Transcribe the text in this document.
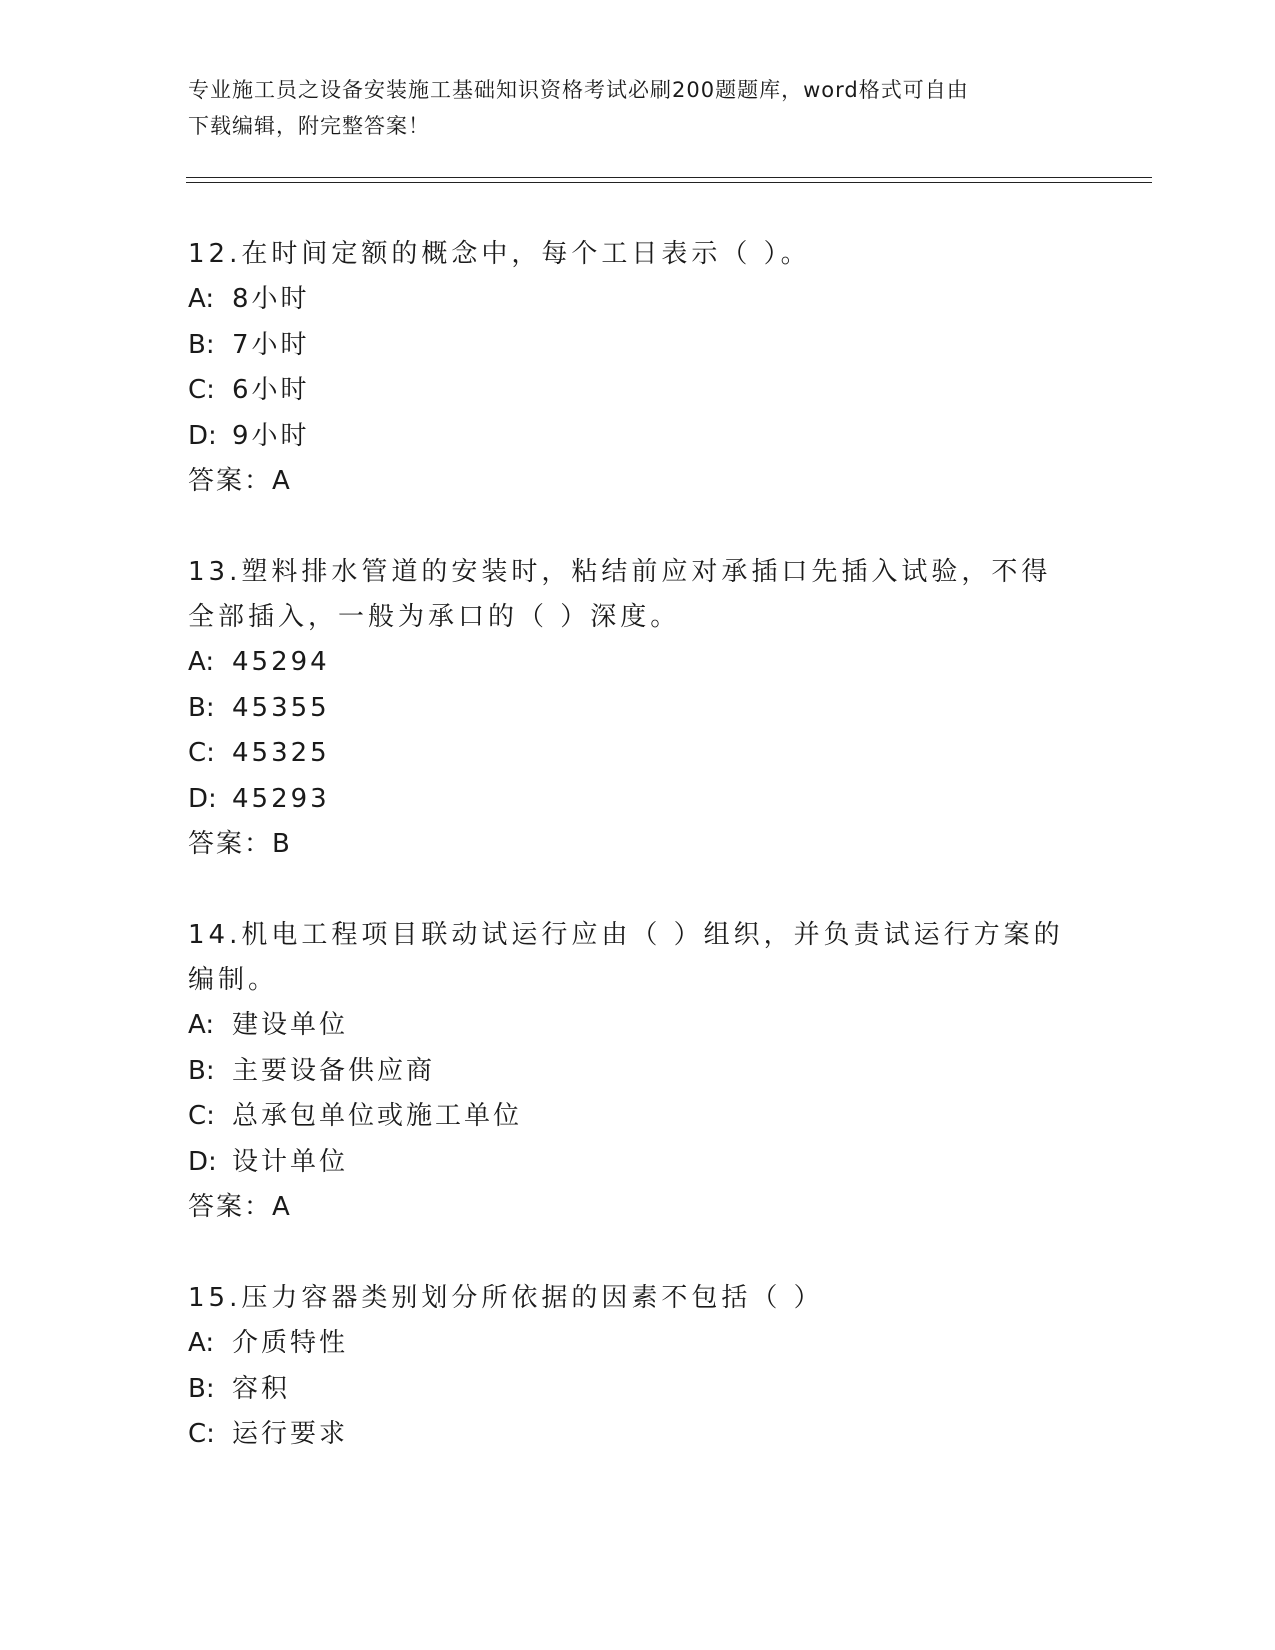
专业施工员之设备安装施工基础知识资格考试必刷200题题库，word格式可自由
下载编辑，附完整答案！
12.在时间定额的概念中，每个工日表示（ ）。
A: 8小时
B: 7小时
C: 6小时
D: 9小时
答案：A
13.塑料排水管道的安装时，粘结前应对承插口先插入试验，不得全部插入，一般为承口的（ ）深度。
A: 45294
B: 45355
C: 45325
D: 45293
答案：B
14.机电工程项目联动试运行应由（ ）组织，并负责试运行方案的编制。
A: 建设单位
B: 主要设备供应商
C: 总承包单位或施工单位
D: 设计单位
答案：A
15.压力容器类别划分所依据的因素不包括（ ）
A: 介质特性
B: 容积
C: 运行要求
